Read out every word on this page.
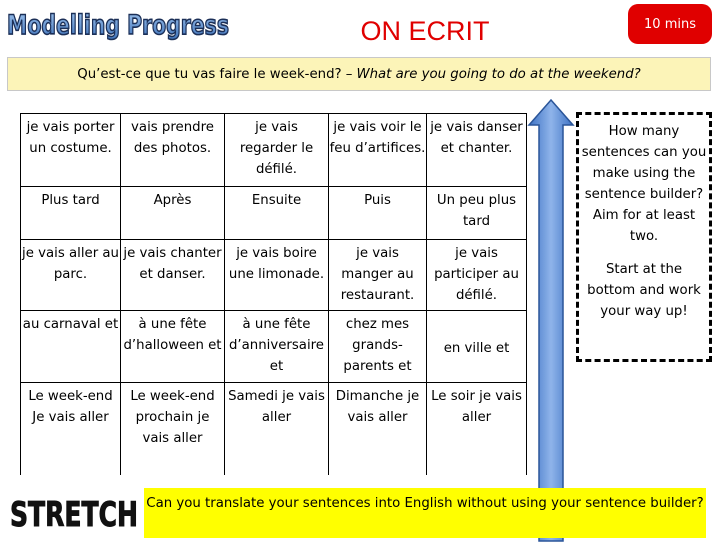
Modelling Progress	ON ECRIT	10 mins
Qu’est-ce que tu vas faire le week-end? – What are you going to do at the weekend?
je vais porter un costume.	vais prendre des photos.	je vais regarder le défilé.	je vais voir le feu d’artifices.	je vais danser et chanter.
Plus tard	Après	Ensuite	Puis	Un peu plus tard
je vais aller au parc.	je vais chanter et danser.	je vais boire une limonade.	je vais manger au restaurant.	je vais participer au défilé.
au carnaval et	à une fête d’halloween et	à une fête d’anniversaire et	chez mes grands-parents et	en ville et
Le week-end Je vais aller	Le week-end prochain je vais aller	Samedi je vais aller	Dimanche je vais aller	Le soir je vais aller

How many sentences can you make using the sentence builder? Aim for at least two.

Start at the bottom and work your way up!

STRETCH Can you translate your sentences into English without using your sentence builder?
